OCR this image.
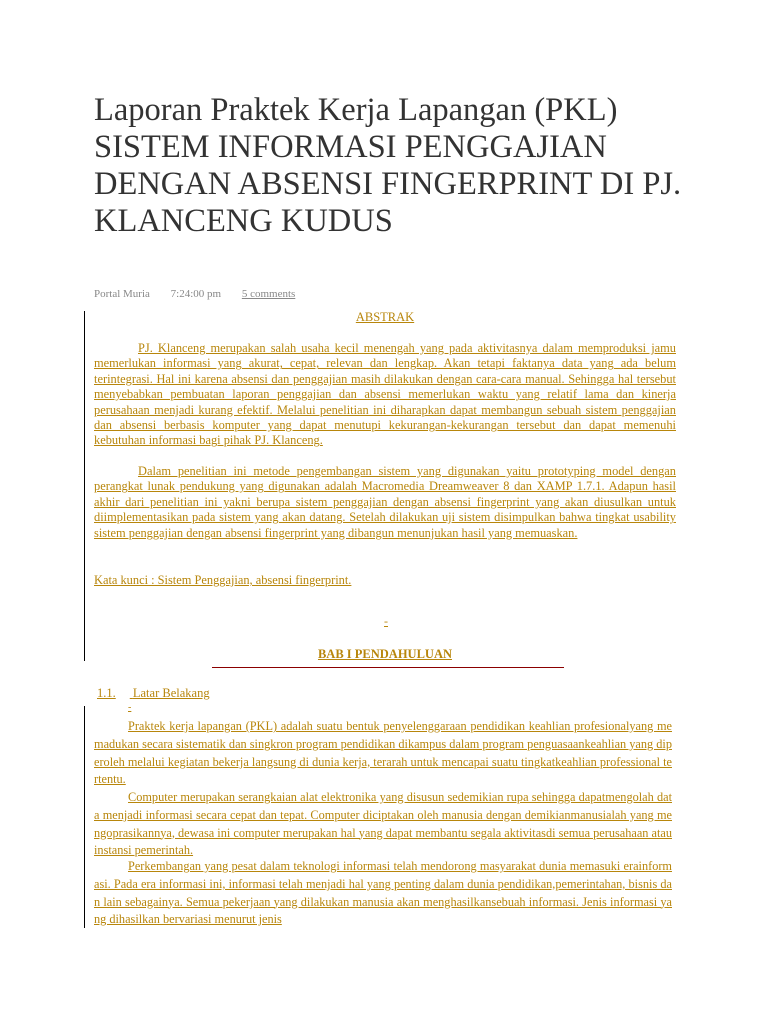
Laporan Praktek Kerja Lapangan (PKL) SISTEM INFORMASI PENGGAJIAN DENGAN ABSENSI FINGERPRINT DI PJ. KLANCENG KUDUS
Portal Muria 7:24:00 pm 5 comments
ABSTRAK

PJ. Klanceng merupakan salah usaha kecil menengah yang pada aktivitasnya dalam memproduksi jamu memerlukan informasi yang akurat, cepat, relevan dan lengkap. Akan tetapi faktanya data yang ada belum terintegrasi. Hal ini karena absensi dan penggajian masih dilakukan dengan cara-cara manual. Sehingga hal tersebut menyebabkan pembuatan laporan penggajian dan absensi memerlukan waktu yang relatif lama dan kinerja perusahaan menjadi kurang efektif. Melalui penelitian ini diharapkan dapat membangun sebuah sistem penggajian dan absensi berbasis komputer yang dapat menutupi kekurangan-kekurangan tersebut dan dapat memenuhi kebutuhan informasi bagi pihak PJ. Klanceng.

Dalam penelitian ini metode pengembangan sistem yang digunakan yaitu prototyping model dengan perangkat lunak pendukung yang digunakan adalah Macromedia Dreamweaver 8 dan XAMP 1.7.1. Adapun hasil akhir dari penelitian ini yakni berupa sistem penggajian dengan absensi fingerprint yang akan diusulkan untuk diimplementasikan pada sistem yang akan datang. Setelah dilakukan uji sistem disimpulkan bahwa tingkat usability sistem penggajian dengan absensi fingerprint yang dibangun menunjukan hasil yang memuaskan.

Kata kunci : Sistem Penggajian, absensi fingerprint.

-
BAB I PENDAHULUAN
1.1. Latar Belakang
-

Praktek kerja lapangan (PKL) adalah suatu bentuk penyelenggaraan pendidikan keahlian profesionalyang memadukan secara sistematik dan singkron program pendidikan dikampus dalam program penguasaankeahlian yang diperoleh melalui kegiatan bekerja langsung di dunia kerja, terarah untuk mencapai suatu tingkatkeahlian professional tertentu.

Computer merupakan serangkaian alat elektronika yang disusun sedemikian rupa sehingga dapatmengolah data menjadi informasi secara cepat dan tepat. Computer diciptakan oleh manusia dengan demikianmanusialah yang mengoprasikannya, dewasa ini computer merupakan hal yang dapat membantu segala aktivitasdi semua perusahaan atau instansi pemerintah.

Perkembangan yang pesat dalam teknologi informasi telah mendorong masyarakat dunia memasuki erainformasi. Pada era informasi ini, informasi telah menjadi hal yang penting dalam dunia pendidikan,pemerintahan, bisnis dan lain sebagainya. Semua pekerjaan yang dilakukan manusia akan menghasilkansebuah informasi. Jenis informasi yang dihasilkan bervariasi menurut jenis
